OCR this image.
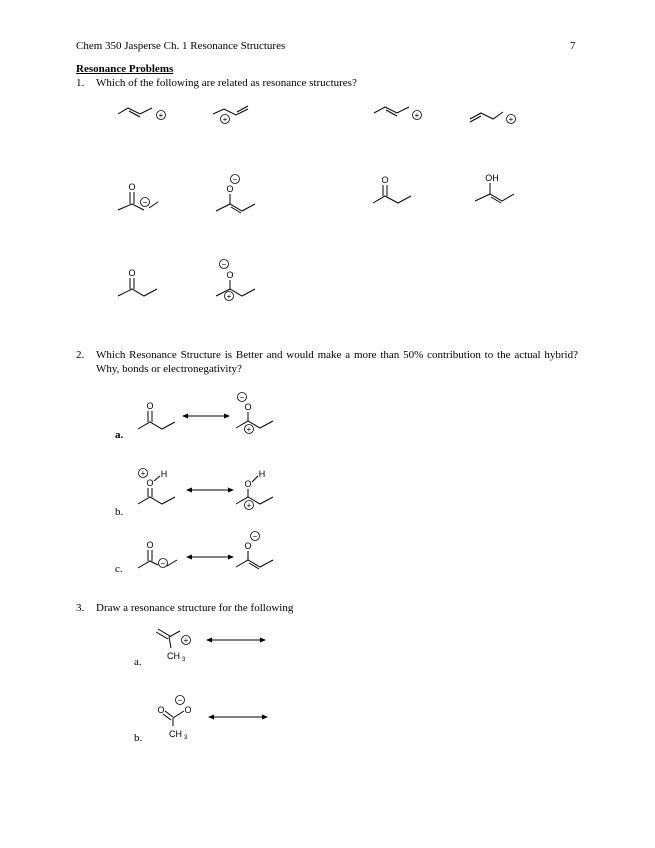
Chem 350 Jasperse Ch. 1 Resonance Structures	7
Resonance Problems
1. Which of the following are related as resonance structures?
+	+	+	+
O
−
−
O
O	OH
O
−
O
+
2. Which Resonance Structure is Better and would make a more than 50% contribution to the actual hybrid? Why, bonds or electronegativity?
a.
O
−
O
+
b.
+ H
O
H
O
+
c.
O
−
−
O
3. Draw a resonance structure for the following
a.
+
CH 3
b.
−
O O
CH 3
